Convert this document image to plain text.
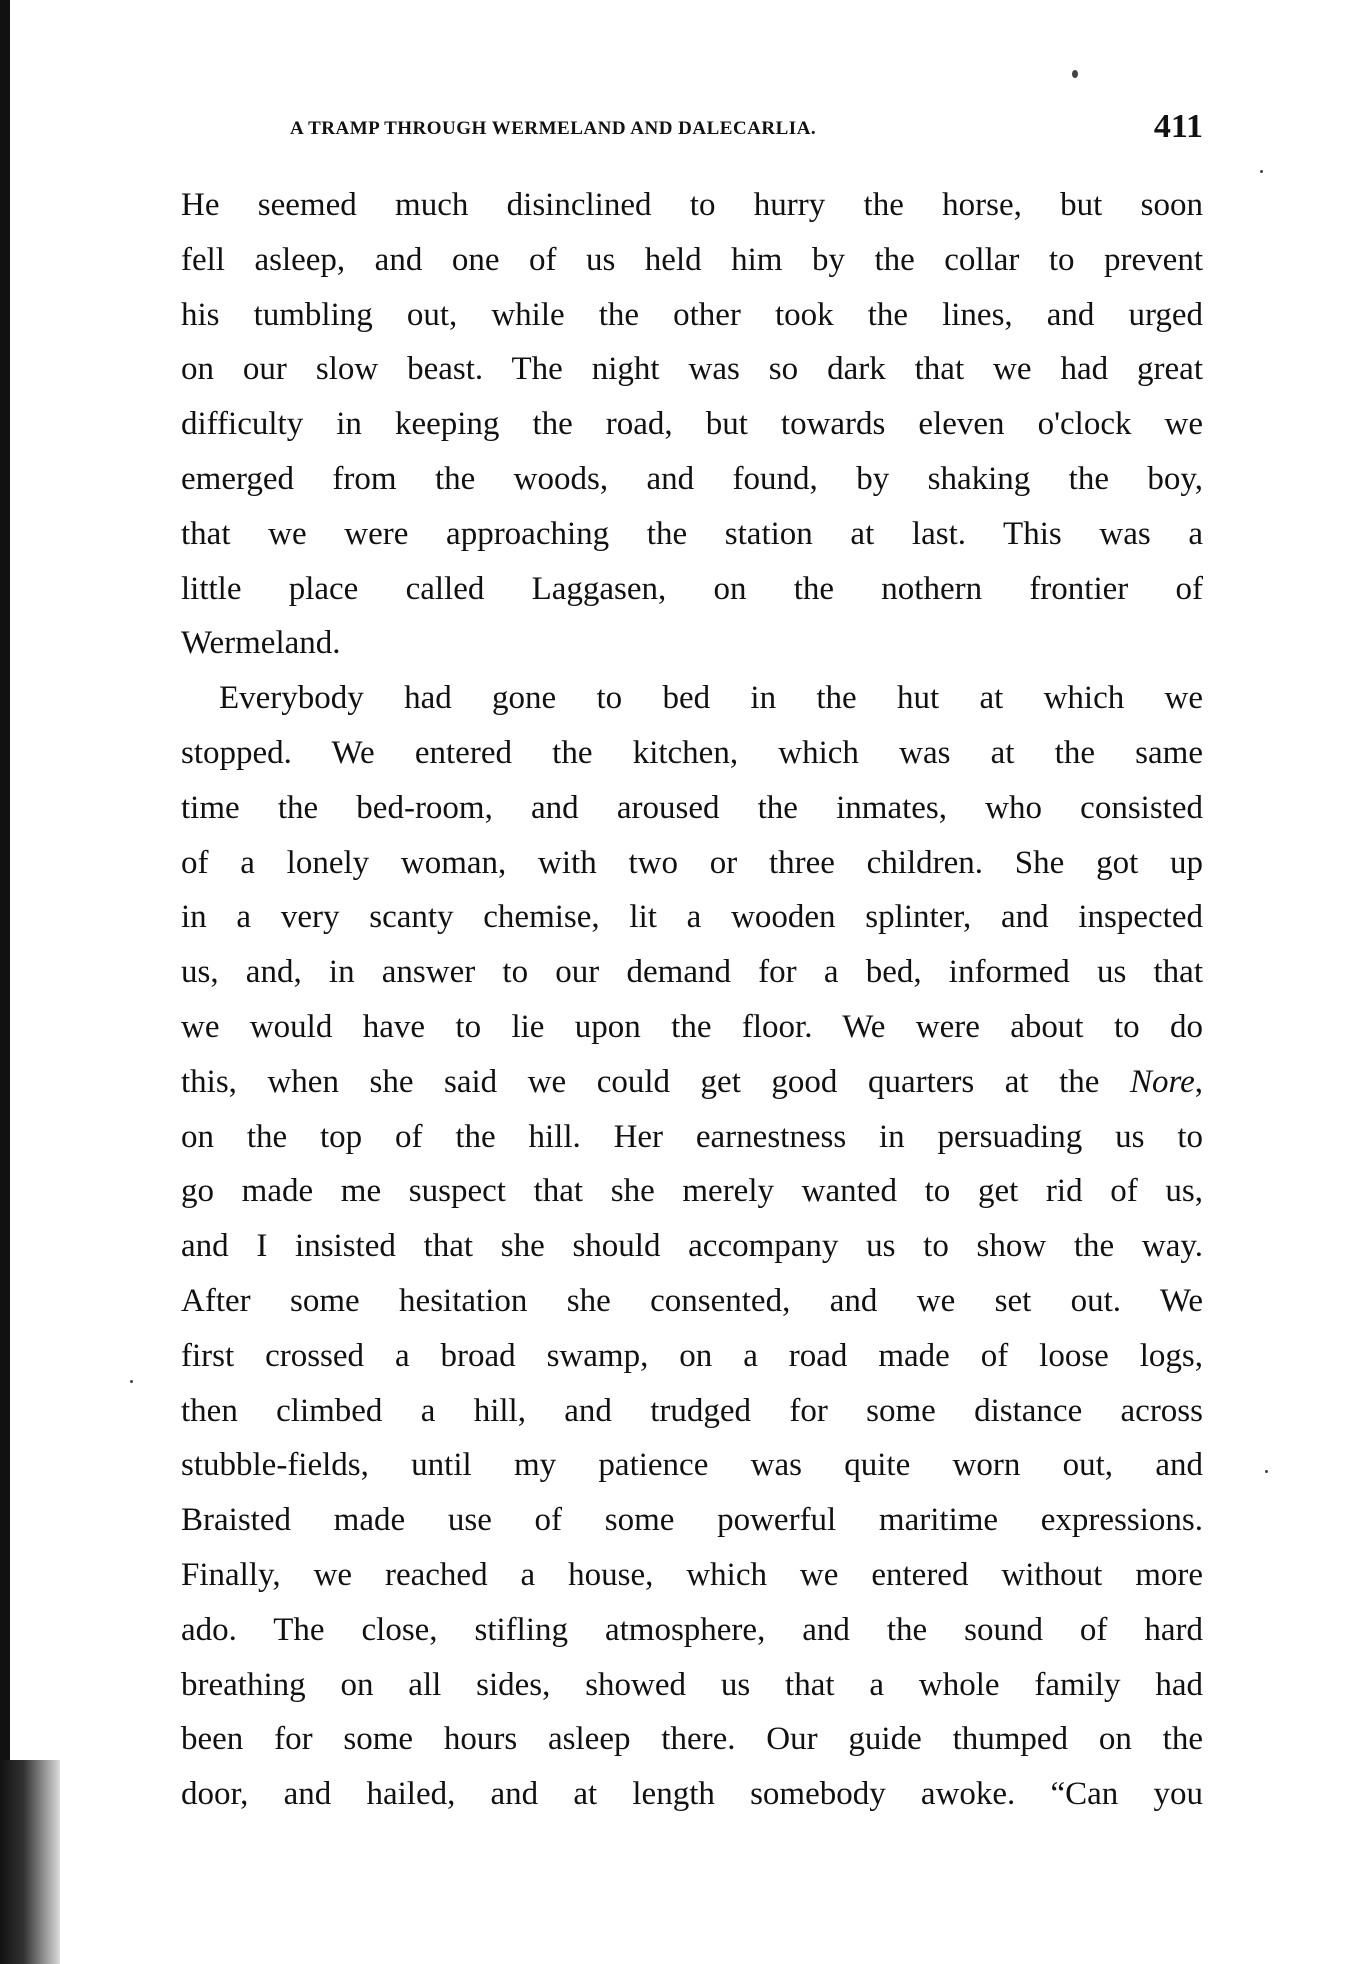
A TRAMP THROUGH WERMELAND AND DALECARLIA.	411
He seemed much disinclined to hurry the horse, but soon
fell asleep, and one of us held him by the collar to prevent
his tumbling out, while the other took the lines, and urged
on our slow beast. The night was so dark that we had great
difficulty in keeping the road, but towards eleven o'clock we
emerged from the woods, and found, by shaking the boy,
that we were approaching the station at last. This was a
little place called Laggasen, on the nothern frontier of
Wermeland.
Everybody had gone to bed in the hut at which we
stopped. We entered the kitchen, which was at the same
time the bed-room, and aroused the inmates, who consisted
of a lonely woman, with two or three children. She got up
in a very scanty chemise, lit a wooden splinter, and inspected
us, and, in answer to our demand for a bed, informed us that
we would have to lie upon the floor. We were about to do
this, when she said we could get good quarters at the Nore,
on the top of the hill. Her earnestness in persuading us to
go made me suspect that she merely wanted to get rid of us,
and I insisted that she should accompany us to show the way.
After some hesitation she consented, and we set out. We
first crossed a broad swamp, on a road made of loose logs,
then climbed a hill, and trudged for some distance across
stubble-fields, until my patience was quite worn out, and
Braisted made use of some powerful maritime expressions.
Finally, we reached a house, which we entered without more
ado. The close, stifling atmosphere, and the sound of hard
breathing on all sides, showed us that a whole family had
been for some hours asleep there. Our guide thumped on the
door, and hailed, and at length somebody awoke. “Can you
